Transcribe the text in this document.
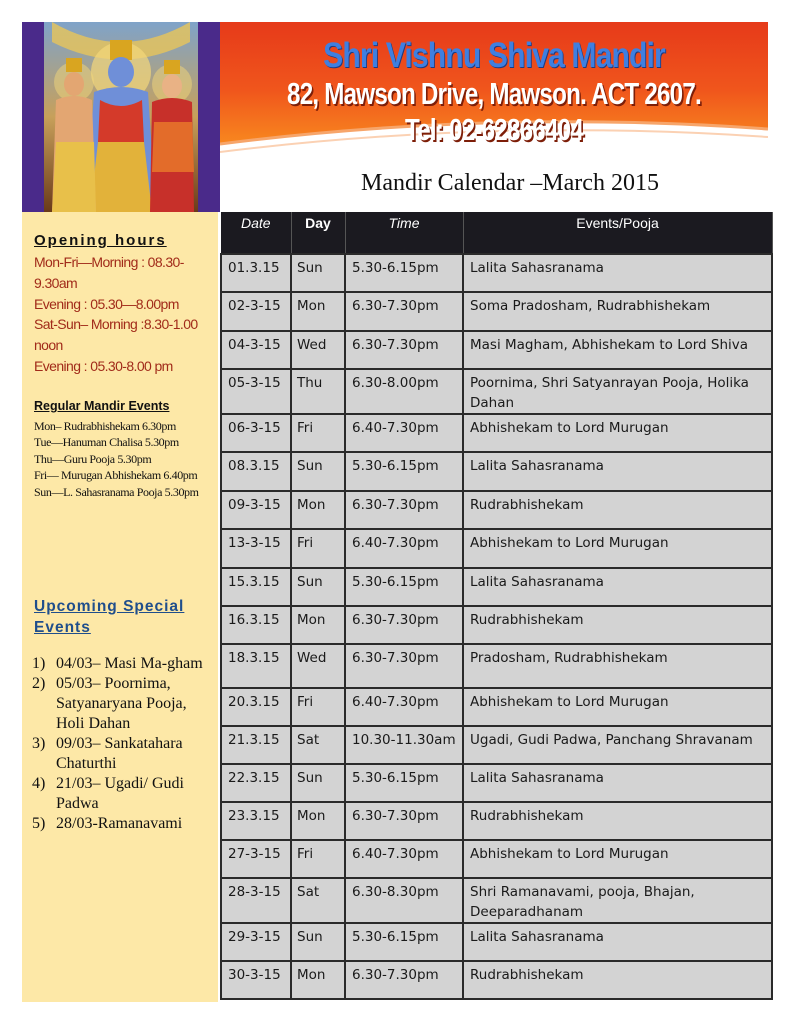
Shri Vishnu Shiva Mandir
82, Mawson Drive, Mawson. ACT 2607. Tel: 02-62866404
Mandir Calendar –March 2015
Opening hours
Mon-Fri—Morning : 08.30-9.30am
Evening : 05.30—8.00pm
Sat-Sun– Morning :8.30-1.00 noon
Evening : 05.30-8.00 pm
Regular Mandir Events
Mon– Rudrabhishekam 6.30pm
Tue—Hanuman Chalisa 5.30pm
Thu—Guru Pooja 5.30pm
Fri— Murugan Abhishekam 6.40pm
Sun—L. Sahasranama Pooja 5.30pm
Upcoming Special Events
1) 04/03– Masi Ma-gham
2) 05/03– Poornima, Satyanaryana Pooja, Holi Dahan
3) 09/03– Sankatahara Chaturthi
4) 21/03– Ugadi/ Gudi Padwa
5) 28/03-Ramanavami
Date	Day	Time	Events/Pooja
01.3.15	Sun	5.30-6.15pm	Lalita Sahasranama
02-3-15	Mon	6.30-7.30pm	Soma Pradosham, Rudrabhishekam
04-3-15	Wed	6.30-7.30pm	Masi Magham, Abhishekam to Lord Shiva
05-3-15	Thu	6.30-8.00pm	Poornima, Shri Satyanrayan Pooja, Holika Dahan
06-3-15	Fri	6.40-7.30pm	Abhishekam to Lord Murugan
08.3.15	Sun	5.30-6.15pm	Lalita Sahasranama
09-3-15	Mon	6.30-7.30pm	Rudrabhishekam
13-3-15	Fri	6.40-7.30pm	Abhishekam to Lord Murugan
15.3.15	Sun	5.30-6.15pm	Lalita Sahasranama
16.3.15	Mon	6.30-7.30pm	Rudrabhishekam
18.3.15	Wed	6.30-7.30pm	Pradosham, Rudrabhishekam
20.3.15	Fri	6.40-7.30pm	Abhishekam to Lord Murugan
21.3.15	Sat	10.30-11.30am	Ugadi, Gudi Padwa, Panchang Shravanam
22.3.15	Sun	5.30-6.15pm	Lalita Sahasranama
23.3.15	Mon	6.30-7.30pm	Rudrabhishekam
27-3-15	Fri	6.40-7.30pm	Abhishekam to Lord Murugan
28-3-15	Sat	6.30-8.30pm	Shri Ramanavami, pooja, Bhajan, Deeparadhanam
29-3-15	Sun	5.30-6.15pm	Lalita Sahasranama
30-3-15	Mon	6.30-7.30pm	Rudrabhishekam
